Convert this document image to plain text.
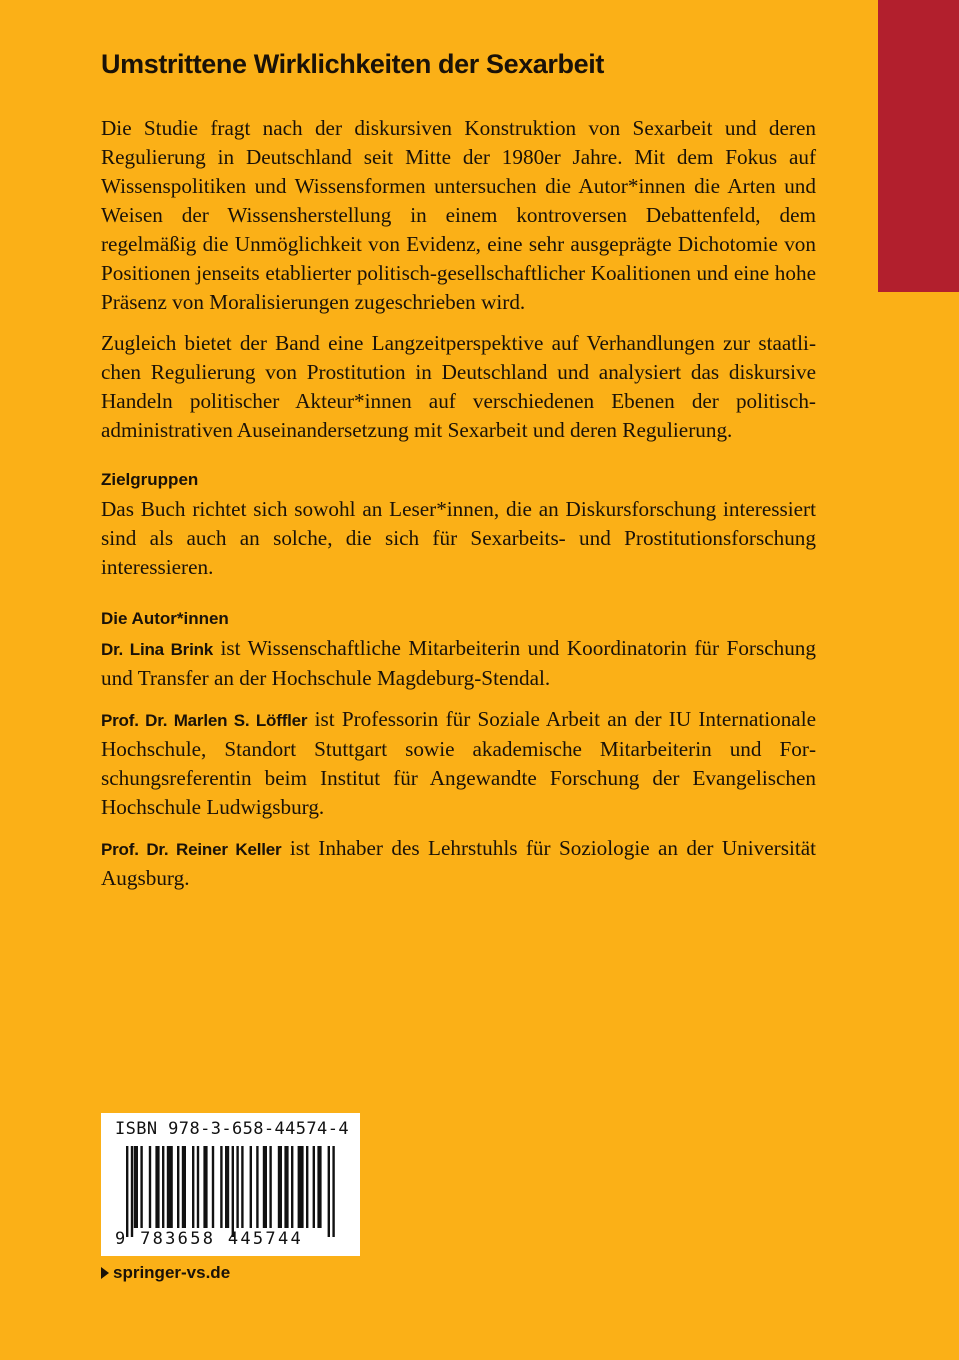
Umstrittene Wirklichkeiten der Sexarbeit

Die Studie fragt nach der diskursiven Konstruktion von Sexarbeit und deren Regulierung in Deutschland seit Mitte der 1980er Jahre. Mit dem Fokus auf Wissenspolitiken und Wissensformen untersuchen die Autor*innen die Arten und Weisen der Wissensherstellung in einem kontroversen Debattenfeld, dem regelmäßig die Unmöglichkeit von Evidenz, eine sehr ausgeprägte Dichotomie von Positionen jenseits etablierter politisch-gesellschaftlicher Koalitionen und eine hohe Präsenz von Moralisierungen zugeschrieben wird.

Zugleich bietet der Band eine Langzeitperspektive auf Verhandlungen zur staatlichen Regulierung von Prostitution in Deutschland und analysiert das diskursive Handeln politischer Akteur*innen auf verschiedenen Ebenen der politisch-administrativen Auseinandersetzung mit Sexarbeit und deren Regulierung.

Zielgruppen

Das Buch richtet sich sowohl an Leser*innen, die an Diskursforschung interessiert sind als auch an solche, die sich für Sexarbeits- und Prostitutionsforschung interessieren.

Die Autor*innen

Dr. Lina Brink ist Wissenschaftliche Mitarbeiterin und Koordinatorin für Forschung und Transfer an der Hochschule Magdeburg-Stendal.

Prof. Dr. Marlen S. Löffler ist Professorin für Soziale Arbeit an der IU Internationale Hochschule, Standort Stuttgart sowie akademische Mitarbeiterin und Forschungsreferentin beim Institut für Angewandte Forschung der Evangelischen Hochschule Ludwigsburg.

Prof. Dr. Reiner Keller ist Inhaber des Lehrstuhls für Soziologie an der Universität Augsburg.

ISBN 978-3-658-44574-4
9 783658 445744
springer-vs.de
